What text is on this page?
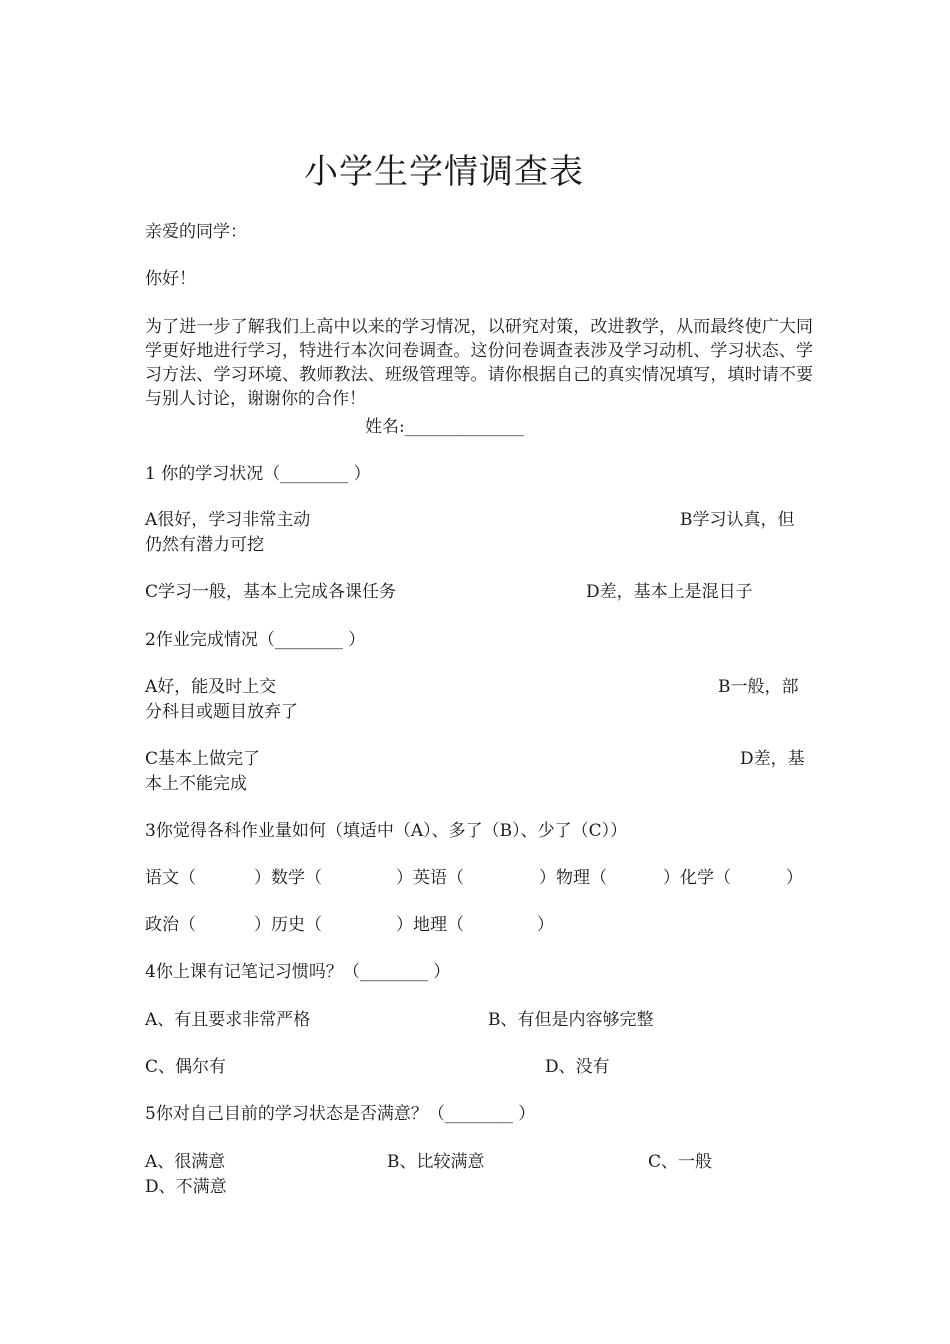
小学生学情调查表
亲爱的同学：
你好！
为了进一步了解我们上高中以来的学习情况，以研究对策，改进教学，从而最终使广大同学更好地进行学习，特进行本次问卷调查。这份问卷调查表涉及学习动机、学习状态、学习方法、学习环境、教师教法、班级管理等。请你根据自己的真实情况填写，填时请不要与别人讨论，谢谢你的合作！
姓名:______________
1 你的学习状况（________ ）
A很好，学习非常主动	B学习认真，但
仍然有潜力可挖
C学习一般，基本上完成各课任务	D差，基本上是混日子
2作业完成情况（________ ）
A好，能及时上交	B一般，部
分科目或题目放弃了
C基本上做完了	D差，基
本上不能完成
3你觉得各科作业量如何（填适中（A）、多了（B）、少了（C））
语文（	）数学（	）英语（	）物理（	）化学（	）
政治（	）历史（	）地理（	）
4你上课有记笔记习惯吗？（________ ）
A、有且要求非常严格	B、有但是内容够完整
C、偶尔有	D、没有
5你对自己目前的学习状态是否满意？（________ ）
A、很满意	B、比较满意	C、一般
D、不满意
